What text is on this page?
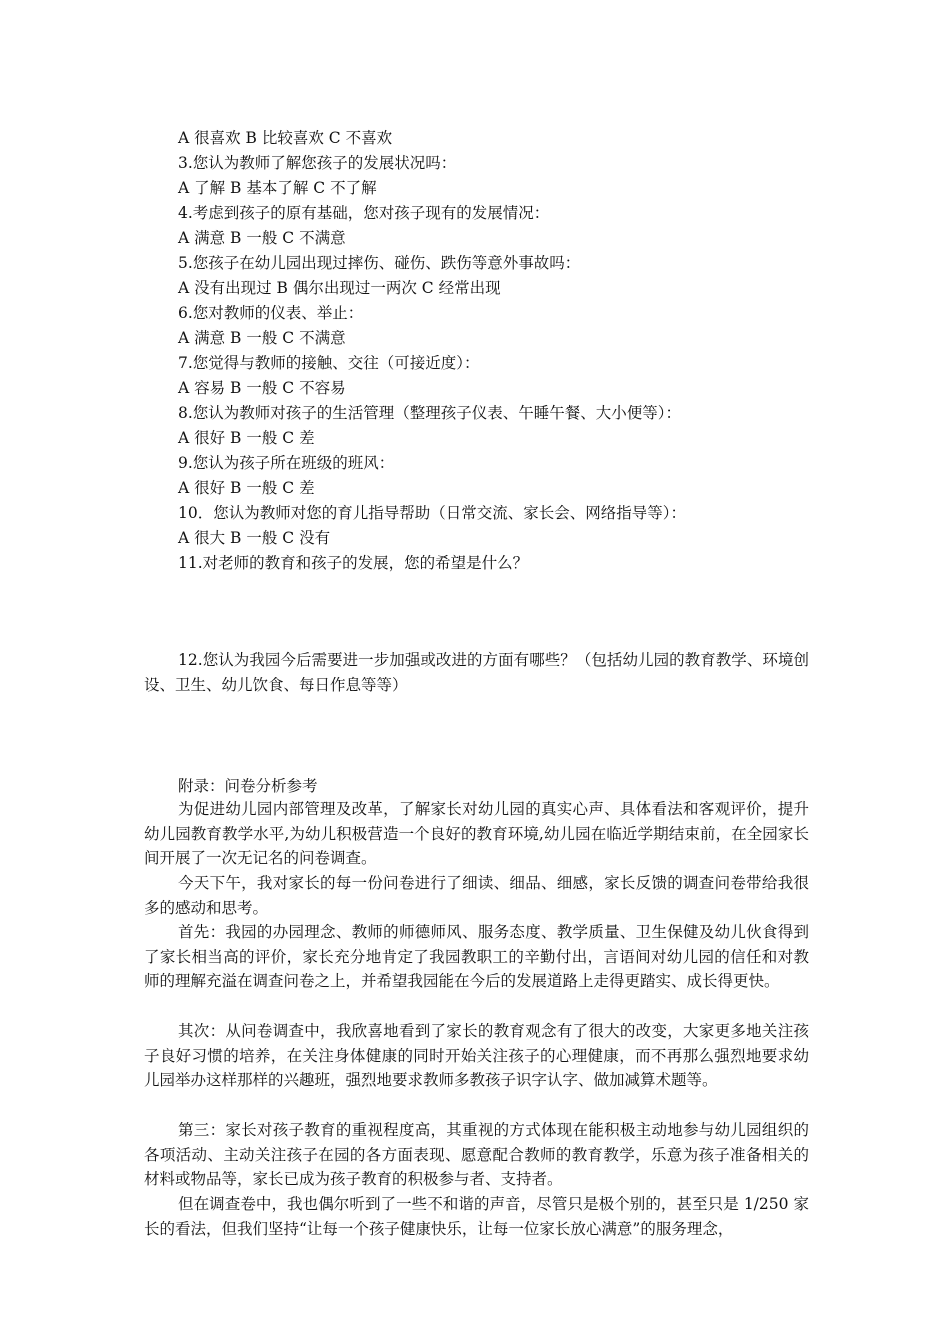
A 很喜欢 B 比较喜欢 C 不喜欢
3.您认为教师了解您孩子的发展状况吗：
A 了解 B 基本了解 C 不了解
4.考虑到孩子的原有基础，您对孩子现有的发展情况：
A 满意 B 一般 C 不满意
5.您孩子在幼儿园出现过摔伤、碰伤、跌伤等意外事故吗：
A 没有出现过 B 偶尔出现过一两次 C 经常出现
6.您对教师的仪表、举止：
A 满意 B 一般 C 不满意
7.您觉得与教师的接触、交往（可接近度）：
A 容易 B 一般 C 不容易
8.您认为教师对孩子的生活管理（整理孩子仪表、午睡午餐、大小便等）：
A 很好 B 一般 C 差
9.您认为孩子所在班级的班风：
A 很好 B 一般 C 差
10．您认为教师对您的育儿指导帮助（日常交流、家长会、网络指导等）：
A 很大 B 一般 C 没有
11.对老师的教育和孩子的发展，您的希望是什么？

12.您认为我园今后需要进一步加强或改进的方面有哪些？（包括幼儿园的教育教学、环境创设、卫生、幼儿饮食、每日作息等等）

附录：问卷分析参考

为促进幼儿园内部管理及改革，了解家长对幼儿园的真实心声、具体看法和客观评价，提升幼儿园教育教学水平,为幼儿积极营造一个良好的教育环境,幼儿园在临近学期结束前，在全园家长间开展了一次无记名的问卷调查。

今天下午，我对家长的每一份问卷进行了细读、细品、细感，家长反馈的调查问卷带给我很多的感动和思考。

首先：我园的办园理念、教师的师德师风、服务态度、教学质量、卫生保健及幼儿伙食得到了家长相当高的评价，家长充分地肯定了我园教职工的辛勤付出，言语间对幼儿园的信任和对教师的理解充溢在调查问卷之上，并希望我园能在今后的发展道路上走得更踏实、成长得更快。

其次：从问卷调查中，我欣喜地看到了家长的教育观念有了很大的改变，大家更多地关注孩子良好习惯的培养，在关注身体健康的同时开始关注孩子的心理健康，而不再那么强烈地要求幼儿园举办这样那样的兴趣班，强烈地要求教师多教孩子识字认字、做加减算术题等。

第三：家长对孩子教育的重视程度高，其重视的方式体现在能积极主动地参与幼儿园组织的各项活动、主动关注孩子在园的各方面表现、愿意配合教师的教育教学，乐意为孩子准备相关的材料或物品等，家长已成为孩子教育的积极参与者、支持者。

但在调查卷中，我也偶尔听到了一些不和谐的声音，尽管只是极个别的，甚至只是 1/250 家长的看法，但我们坚持“让每一个孩子健康快乐，让每一位家长放心满意”的服务理念，
